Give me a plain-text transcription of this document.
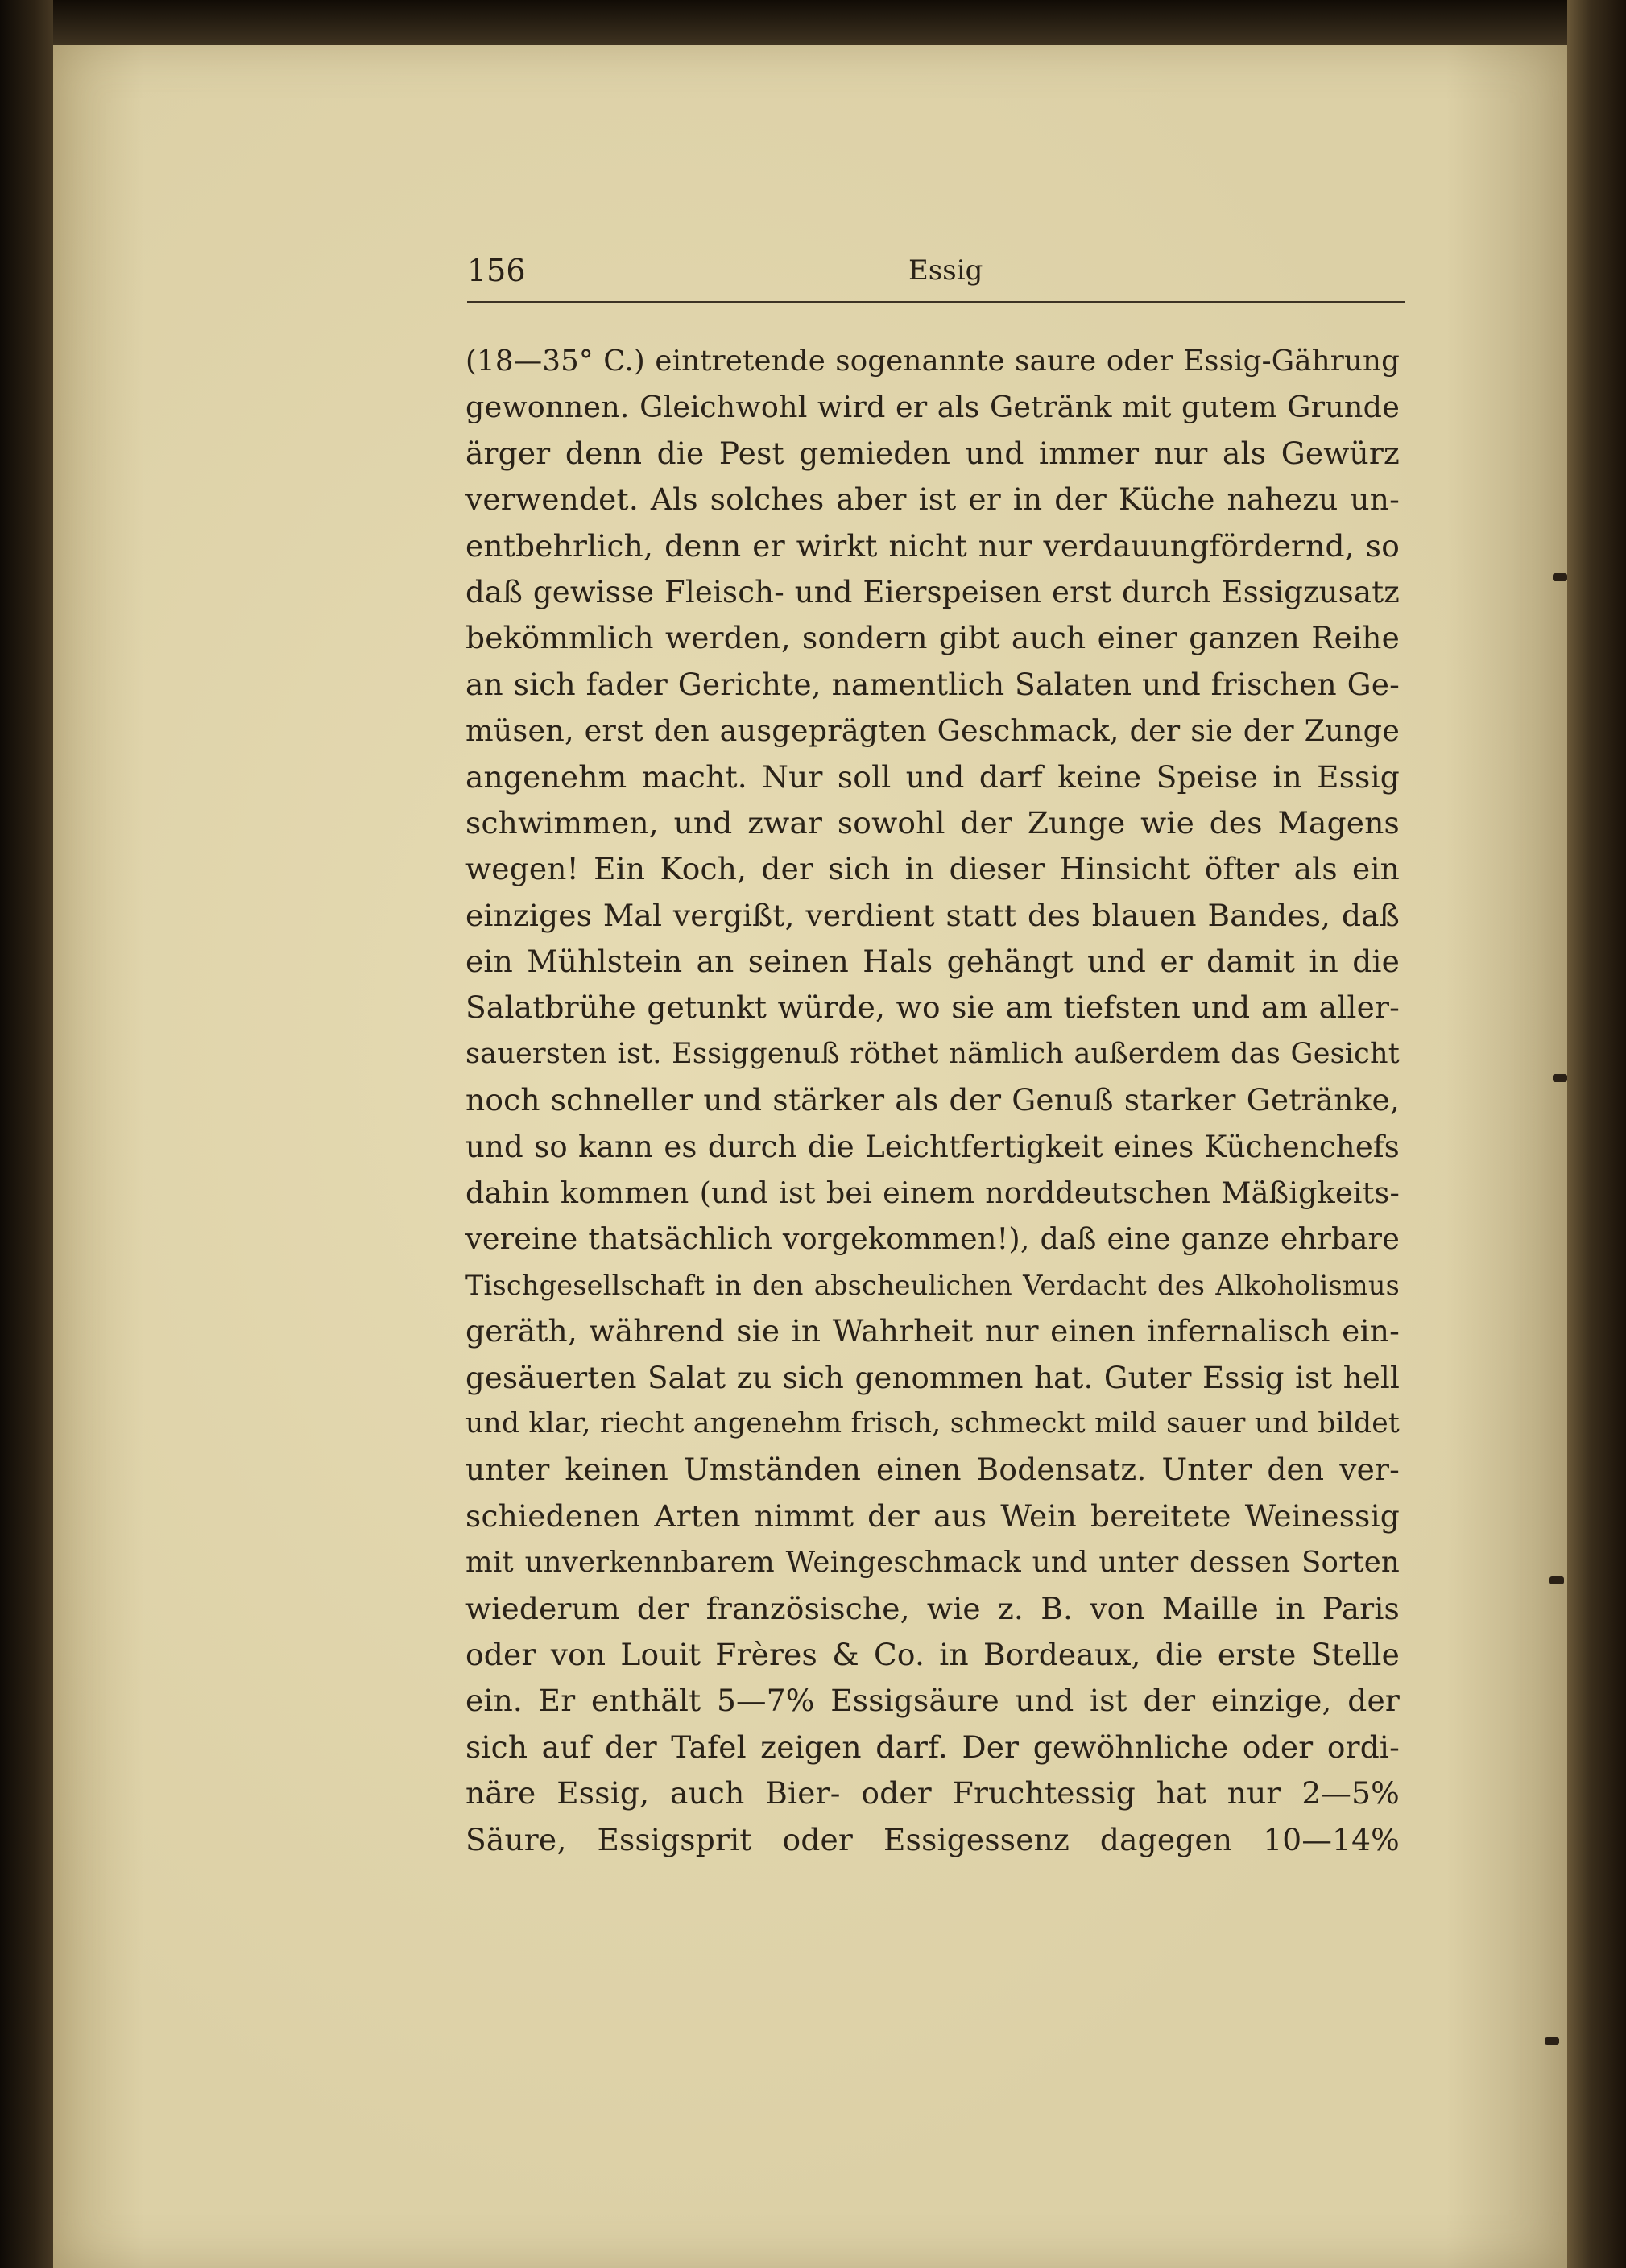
156	Essig
(18—35° C.) eintretende sogenannte saure oder Essig-Gährung
gewonnen. Gleichwohl wird er als Getränk mit gutem Grunde
ärger denn die Pest gemieden und immer nur als Gewürz
verwendet. Als solches aber ist er in der Küche nahezu un-
entbehrlich, denn er wirkt nicht nur verdauungfördernd, so
daß gewisse Fleisch- und Eierspeisen erst durch Essigzusatz
bekömmlich werden, sondern gibt auch einer ganzen Reihe
an sich fader Gerichte, namentlich Salaten und frischen Ge-
müsen, erst den ausgeprägten Geschmack, der sie der Zunge
angenehm macht. Nur soll und darf keine Speise in Essig
schwimmen, und zwar sowohl der Zunge wie des Magens
wegen! Ein Koch, der sich in dieser Hinsicht öfter als ein
einziges Mal vergißt, verdient statt des blauen Bandes, daß
ein Mühlstein an seinen Hals gehängt und er damit in die
Salatbrühe getunkt würde, wo sie am tiefsten und am aller-
sauersten ist. Essiggenuß röthet nämlich außerdem das Gesicht
noch schneller und stärker als der Genuß starker Getränke,
und so kann es durch die Leichtfertigkeit eines Küchenchefs
dahin kommen (und ist bei einem norddeutschen Mäßigkeits-
vereine thatsächlich vorgekommen!), daß eine ganze ehrbare
Tischgesellschaft in den abscheulichen Verdacht des Alkoholismus
geräth, während sie in Wahrheit nur einen infernalisch ein-
gesäuerten Salat zu sich genommen hat. Guter Essig ist hell
und klar, riecht angenehm frisch, schmeckt mild sauer und bildet
unter keinen Umständen einen Bodensatz. Unter den ver-
schiedenen Arten nimmt der aus Wein bereitete Weinessig
mit unverkennbarem Weingeschmack und unter dessen Sorten
wiederum der französische, wie z. B. von Maille in Paris
oder von Louit Frères & Co. in Bordeaux, die erste Stelle
ein. Er enthält 5—7% Essigsäure und ist der einzige, der
sich auf der Tafel zeigen darf. Der gewöhnliche oder ordi-
näre Essig, auch Bier- oder Fruchtessig hat nur 2—5%
Säure, Essigsprit oder Essigessenz dagegen 10—14%
